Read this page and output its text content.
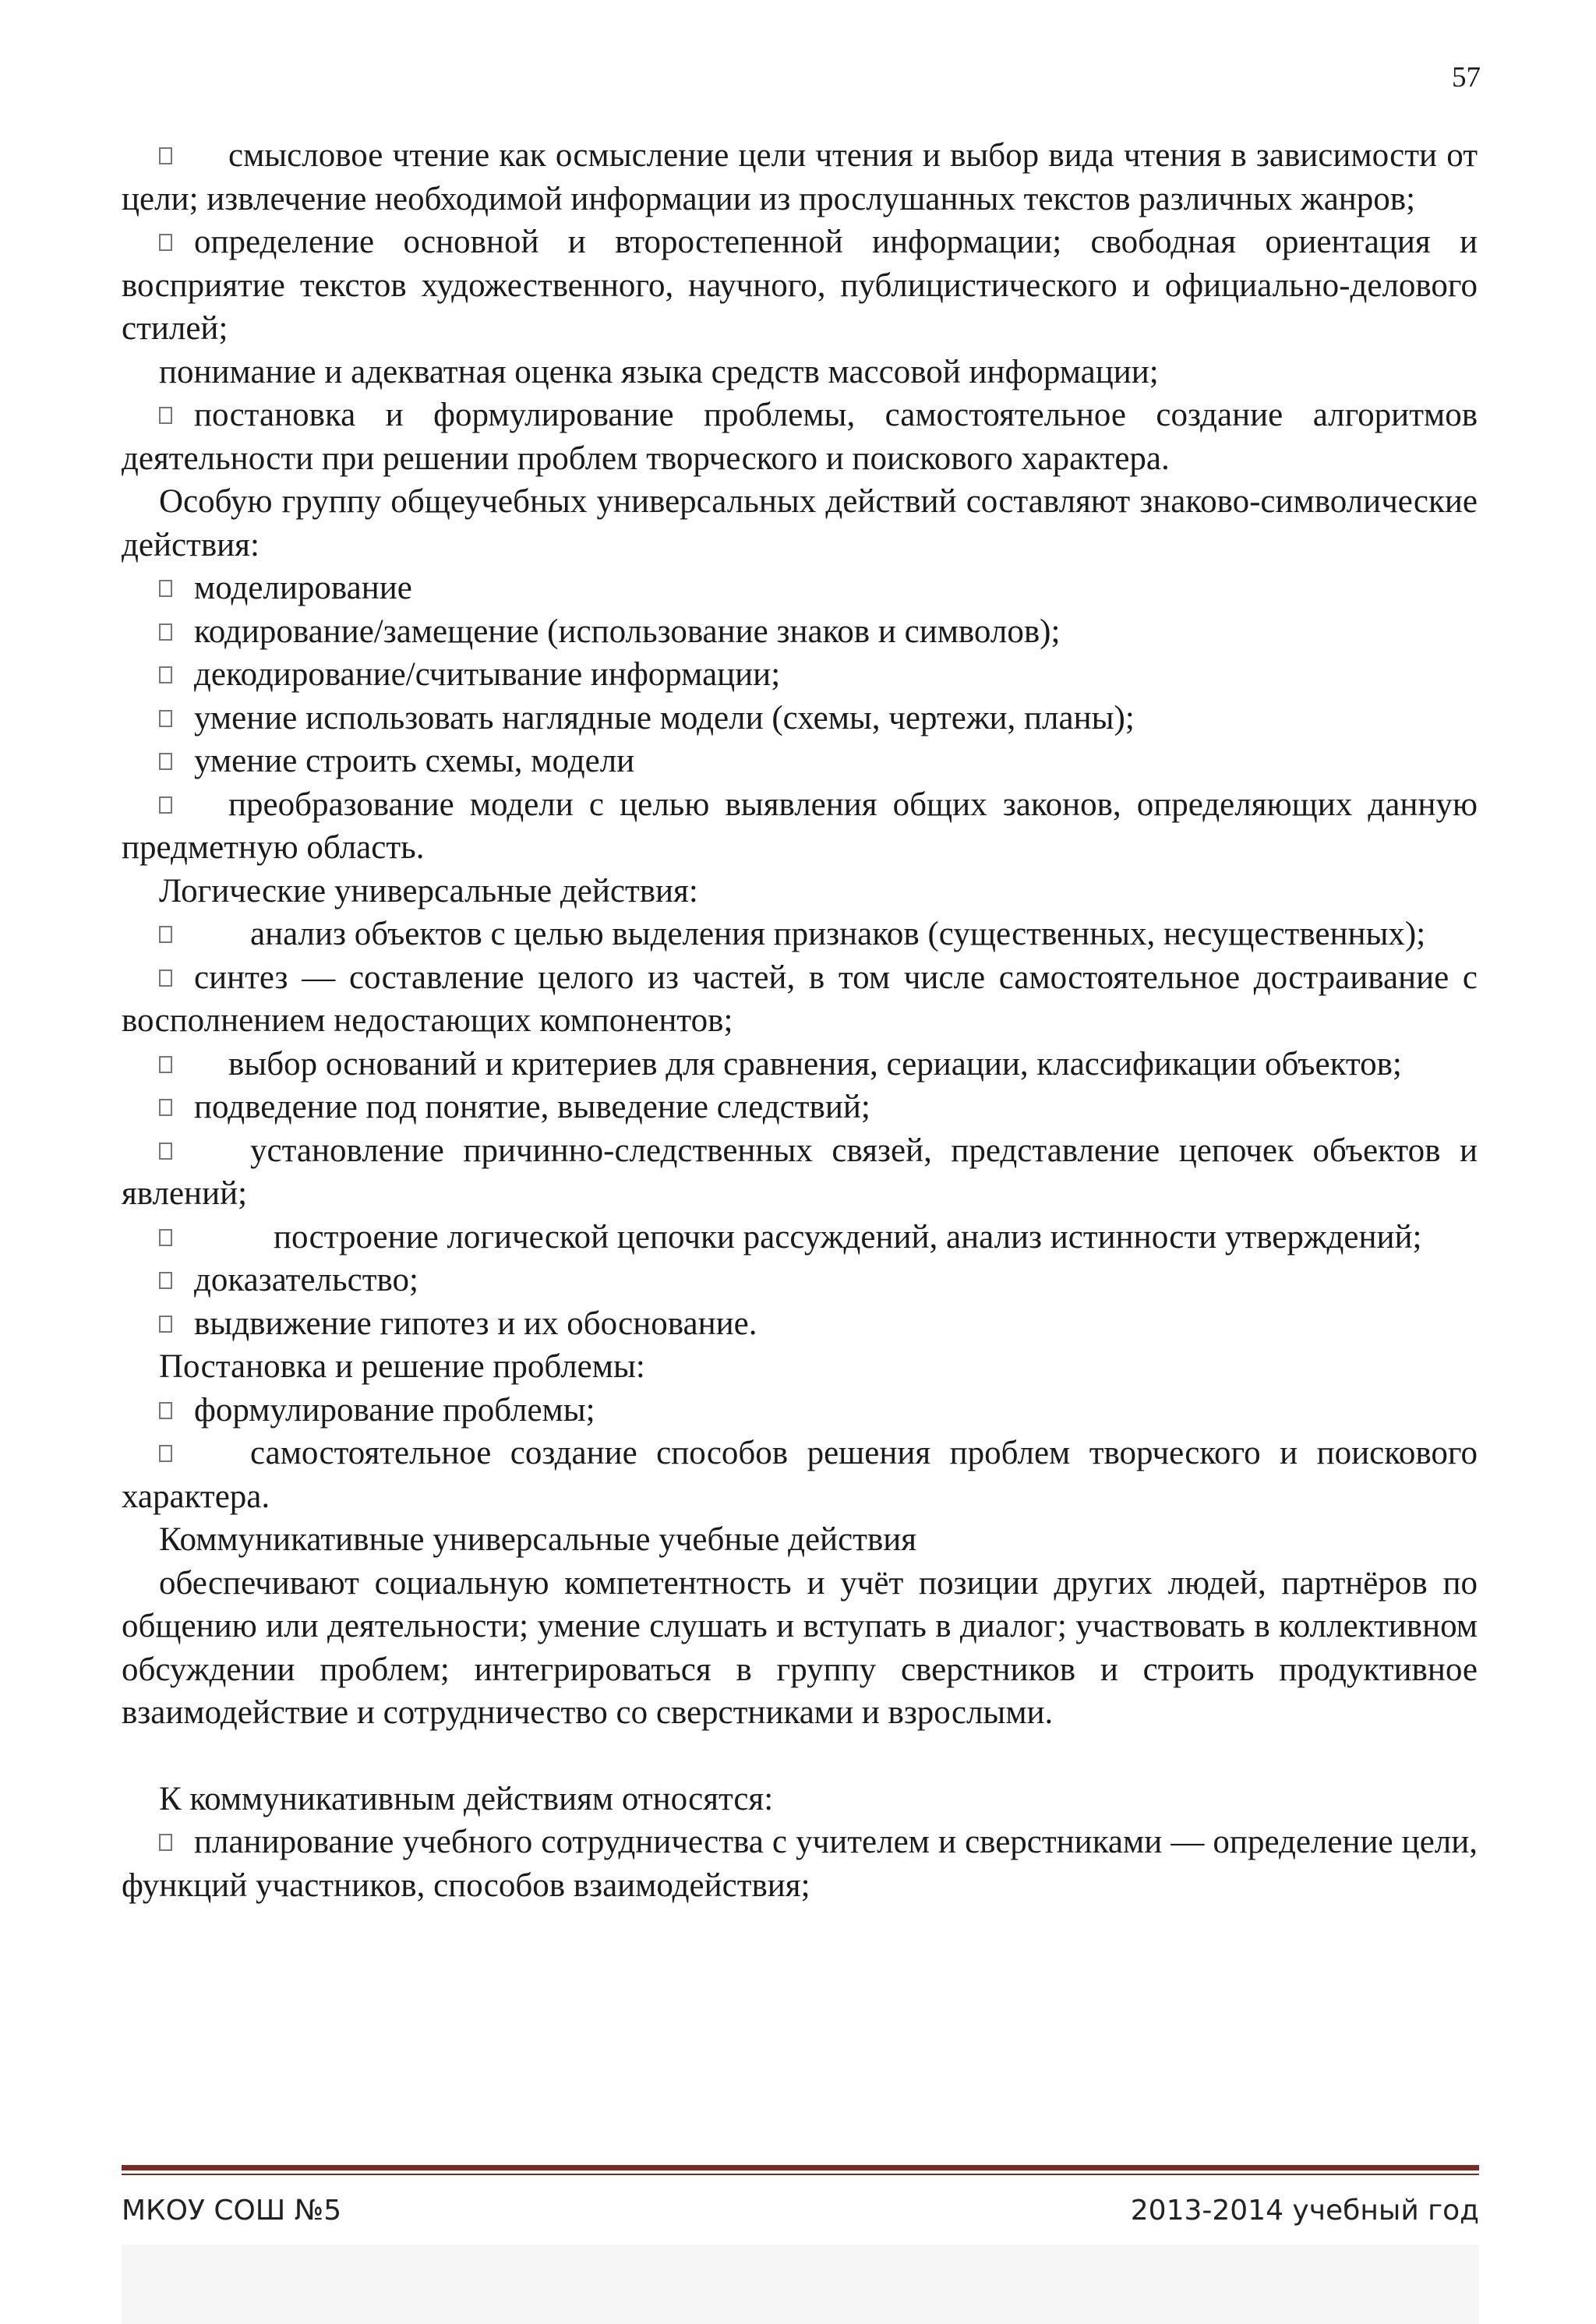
57

смысловое чтение как осмысление цели чтения и выбор вида чтения в зависимости от цели; извлечение необходимой информации из прослушанных текстов различных жанров;

определение основной и второстепенной информации; свободная ориентация и восприятие текстов художественного, научного, публицистического и официально-делового стилей;

понимание и адекватная оценка языка средств массовой информации;

постановка и формулирование проблемы, самостоятельное создание алгоритмов деятельности при решении проблем творческого и поискового характера.

Особую группу общеучебных универсальных действий составляют знаково-символические действия:

моделирование

кодирование/замещение (использование знаков и символов);

декодирование/считывание информации;

умение использовать наглядные модели (схемы, чертежи, планы);

умение строить схемы, модели

преобразование модели с целью выявления общих законов, определяющих данную предметную область.

Логические универсальные действия:

анализ объектов с целью выделения признаков (существенных, несущественных);

синтез — составление целого из частей, в том числе самостоятельное достраивание с восполнением недостающих компонентов;

выбор оснований и критериев для сравнения, сериации, классификации объектов;

подведение под понятие, выведение следствий;

установление причинно-следственных связей, представление цепочек объектов и явлений;

построение логической цепочки рассуждений, анализ истинности утверждений;

доказательство;

выдвижение гипотез и их обоснование.

Постановка и решение проблемы:

формулирование проблемы;

самостоятельное создание способов решения проблем творческого и поискового характера.

Коммуникативные универсальные учебные действия

обеспечивают социальную компетентность и учёт позиции других людей, партнёров по общению или деятельности; умение слушать и вступать в диалог; участвовать в коллективном обсуждении проблем; интегрироваться в группу сверстников и строить продуктивное взаимодействие и сотрудничество со сверстниками и взрослыми.

К коммуникативным действиям относятся:

планирование учебного сотрудничества с учителем и сверстниками — определение цели, функций участников, способов взаимодействия;

МКОУ СОШ №5	2013-2014 учебный год
